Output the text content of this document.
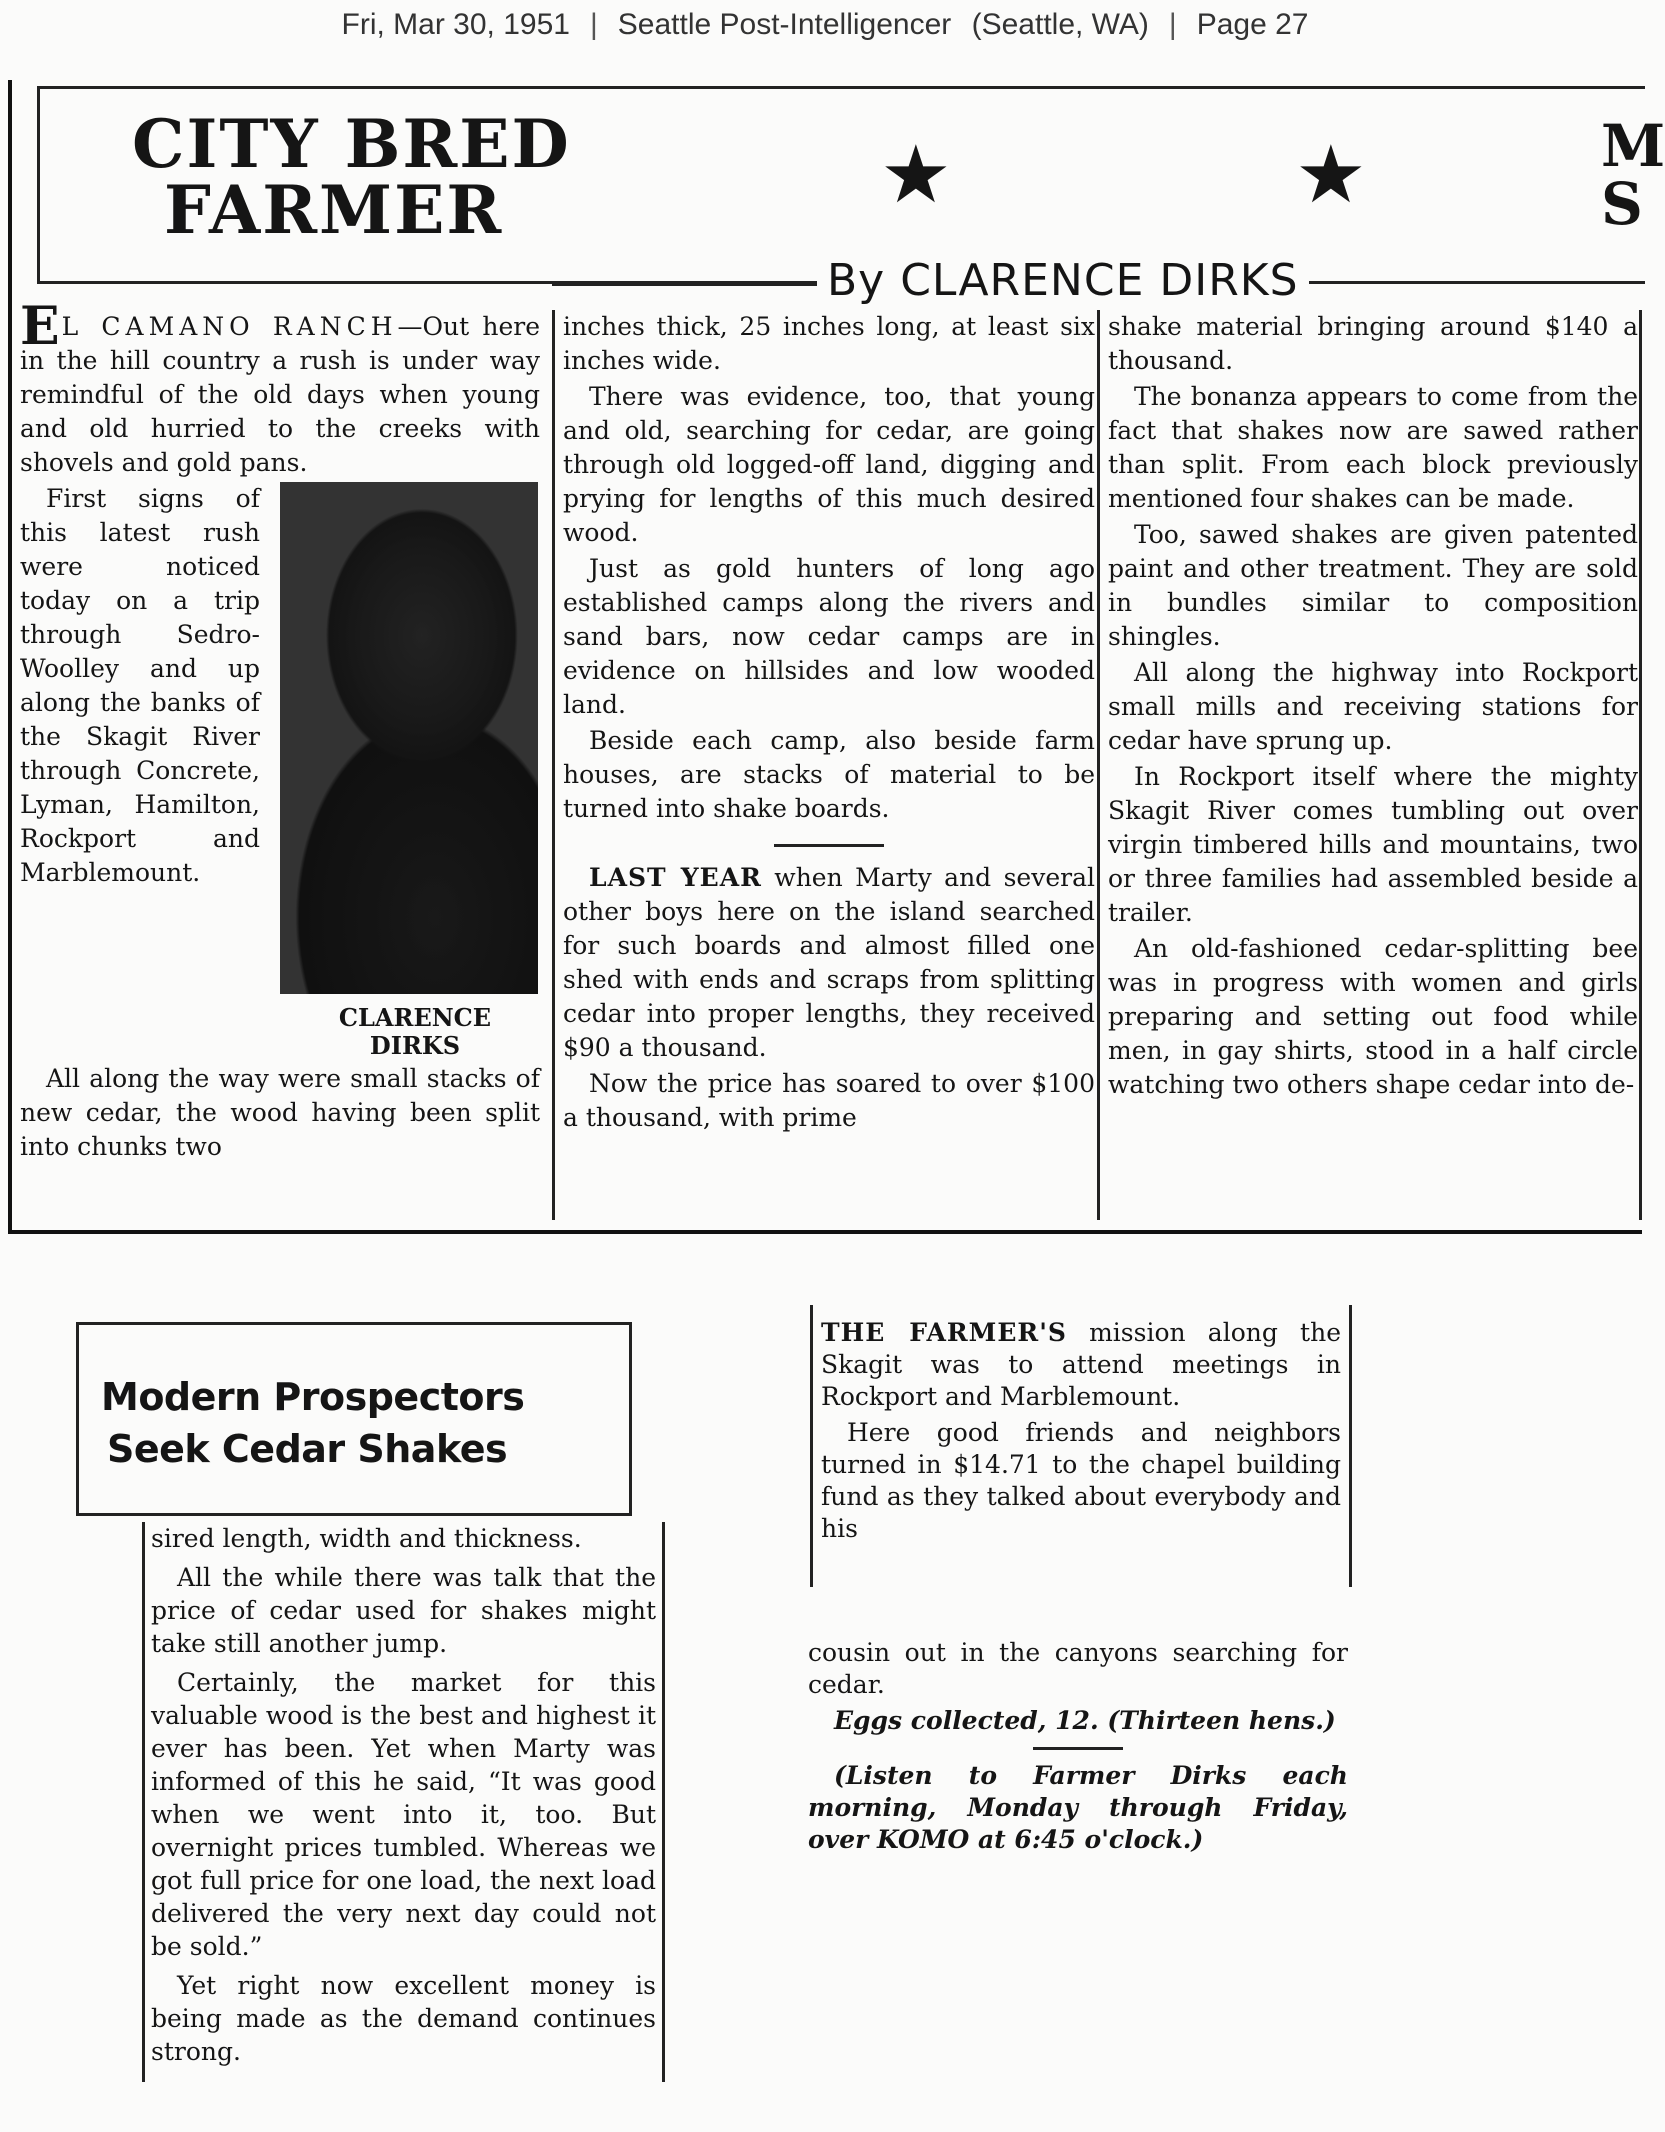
Fri, Mar 30, 1951 | Seattle Post-Intelligencer (Seattle, WA) | Page 27
CITY BRED
FARMER	★	★	M
S
By CLARENCE DIRKS

E L CAMANO RANCH—Out here in the hill country a rush is under way remindful of the old days when young and old hurried to the creeks with shovels and gold pans.

CLARENCE
DIRKS

First signs of this latest rush were noticed today on a trip through Sedro-Woolley and up along the banks of the Skagit River through Concrete, Lyman, Hamilton, Rockport and Marblemount.

All along the way were small stacks of new cedar, the wood having been split into chunks two

inches thick, 25 inches long, at least six inches wide.

There was evidence, too, that young and old, searching for cedar, are going through old logged-off land, digging and prying for lengths of this much desired wood.

Just as gold hunters of long ago established camps along the rivers and sand bars, now cedar camps are in evidence on hillsides and low wooded land.

Beside each camp, also beside farm houses, are stacks of material to be turned into shake boards.

LAST YEAR when Marty and several other boys here on the island searched for such boards and almost filled one shed with ends and scraps from splitting cedar into proper lengths, they received $90 a thousand.

Now the price has soared to over $100 a thousand, with prime

shake material bringing around $140 a thousand.

The bonanza appears to come from the fact that shakes now are sawed rather than split. From each block previously mentioned four shakes can be made.

Too, sawed shakes are given patented paint and other treatment. They are sold in bundles similar to composition shingles.

All along the highway into Rockport small mills and receiving stations for cedar have sprung up.

In Rockport itself where the mighty Skagit River comes tumbling out over virgin timbered hills and mountains, two or three families had assembled beside a trailer.

An old-fashioned cedar-splitting bee was in progress with women and girls preparing and setting out food while men, in gay shirts, stood in a half circle watching two others shape cedar into de-

Modern Prospectors
Seek Cedar Shakes

sired length, width and thickness.

All the while there was talk that the price of cedar used for shakes might take still another jump.

Certainly, the market for this valuable wood is the best and highest it ever has been. Yet when Marty was informed of this he said, “It was good when we went into it, too. But overnight prices tumbled. Whereas we got full price for one load, the next load delivered the very next day could not be sold.”

Yet right now excellent money is being made as the demand continues strong.

THE FARMER'S mission along the Skagit was to attend meetings in Rockport and Marblemount.

Here good friends and neighbors turned in $14.71 to the chapel building fund as they talked about everybody and his

cousin out in the canyons searching for cedar.

Eggs collected, 12. (Thirteen hens.)

(Listen to Farmer Dirks each morning, Monday through Friday, over KOMO at 6:45 o'clock.)
